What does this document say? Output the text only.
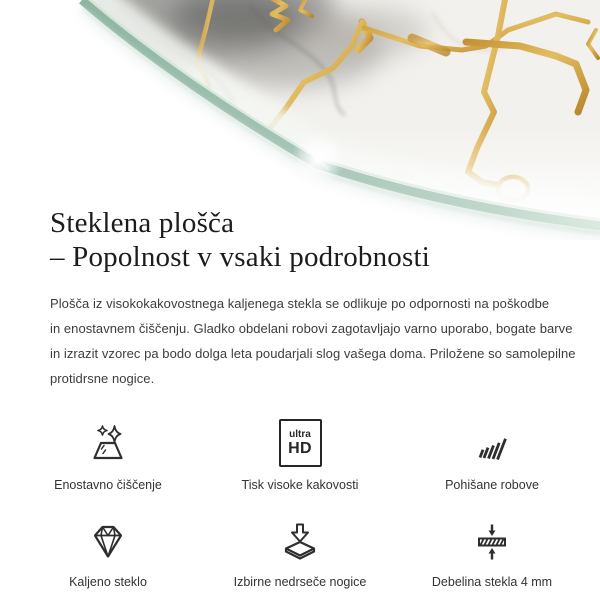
Steklena plošča
– Popolnost v vsaki podrobnosti
Plošča iz visokokakovostnega kaljenega stekla se odlikuje po odpornosti na poškodbe
in enostavnem čiščenju. Gladko obdelani robovi zagotavljajo varno uporabo, bogate barve
in izrazit vzorec pa bodo dolga leta poudarjali slog vašega doma. Priložene so samolepilne
protidrsne nogice.
Enostavno čiščenje
ultra
HD
Tisk visoke kakovosti	Pohišane robove
Kaljeno steklo	Izbirne nedrseče nogice	Debelina stekla 4 mm
